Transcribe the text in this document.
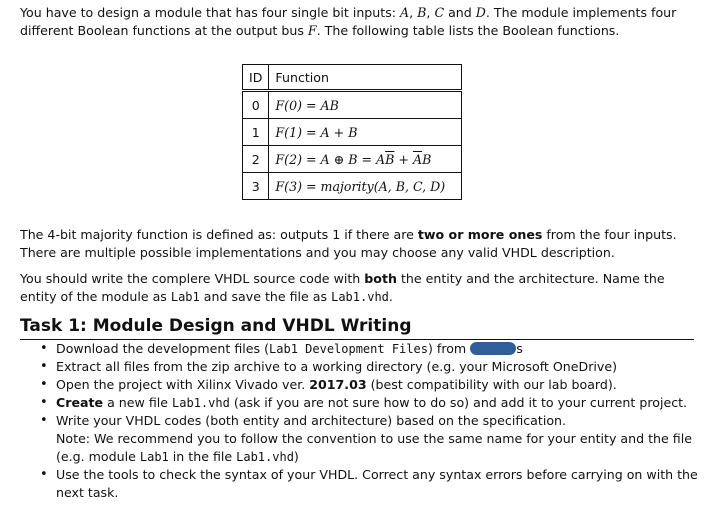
You have to design a module that has four single bit inputs: A, B, C and D. The module implements four different Boolean functions at the output bus F. The following table lists the Boolean functions.

ID	Function
0	F(0) = AB
1	F(1) = A + B
2	F(2) = A ⊕ $B = A\overline{B} + \overline{A}B$
3	F(3) = majority(A, B, C, D)

The 4-bit majority function is defined as: outputs 1 if there are two or more ones from the four inputs. There are multiple possible implementations and you may choose any valid VHDL description.

You should write the complere VHDL source code with both the entity and the architecture. Name the entity of the module as Lab1 and save the file as Lab1.vhd.

Task 1: Module Design and VHDL Writing
• Download the development files (Lab1 Development Files) from	s
• Extract all files from the zip archive to a working directory (e.g. your Microsoft OneDrive)
• Open the project with Xilinx Vivado ver. 2017.03 (best compatibility with our lab board).
• Create a new file Lab1.vhd (ask if you are not sure how to do so) and add it to your current project.
• Write your VHDL codes (both entity and architecture) based on the specification.
Note: We recommend you to follow the convention to use the same name for your entity and the file (e.g. module Lab1 in the file Lab1.vhd)
• Use the tools to check the syntax of your VHDL. Correct any syntax errors before carrying on with the next task.
